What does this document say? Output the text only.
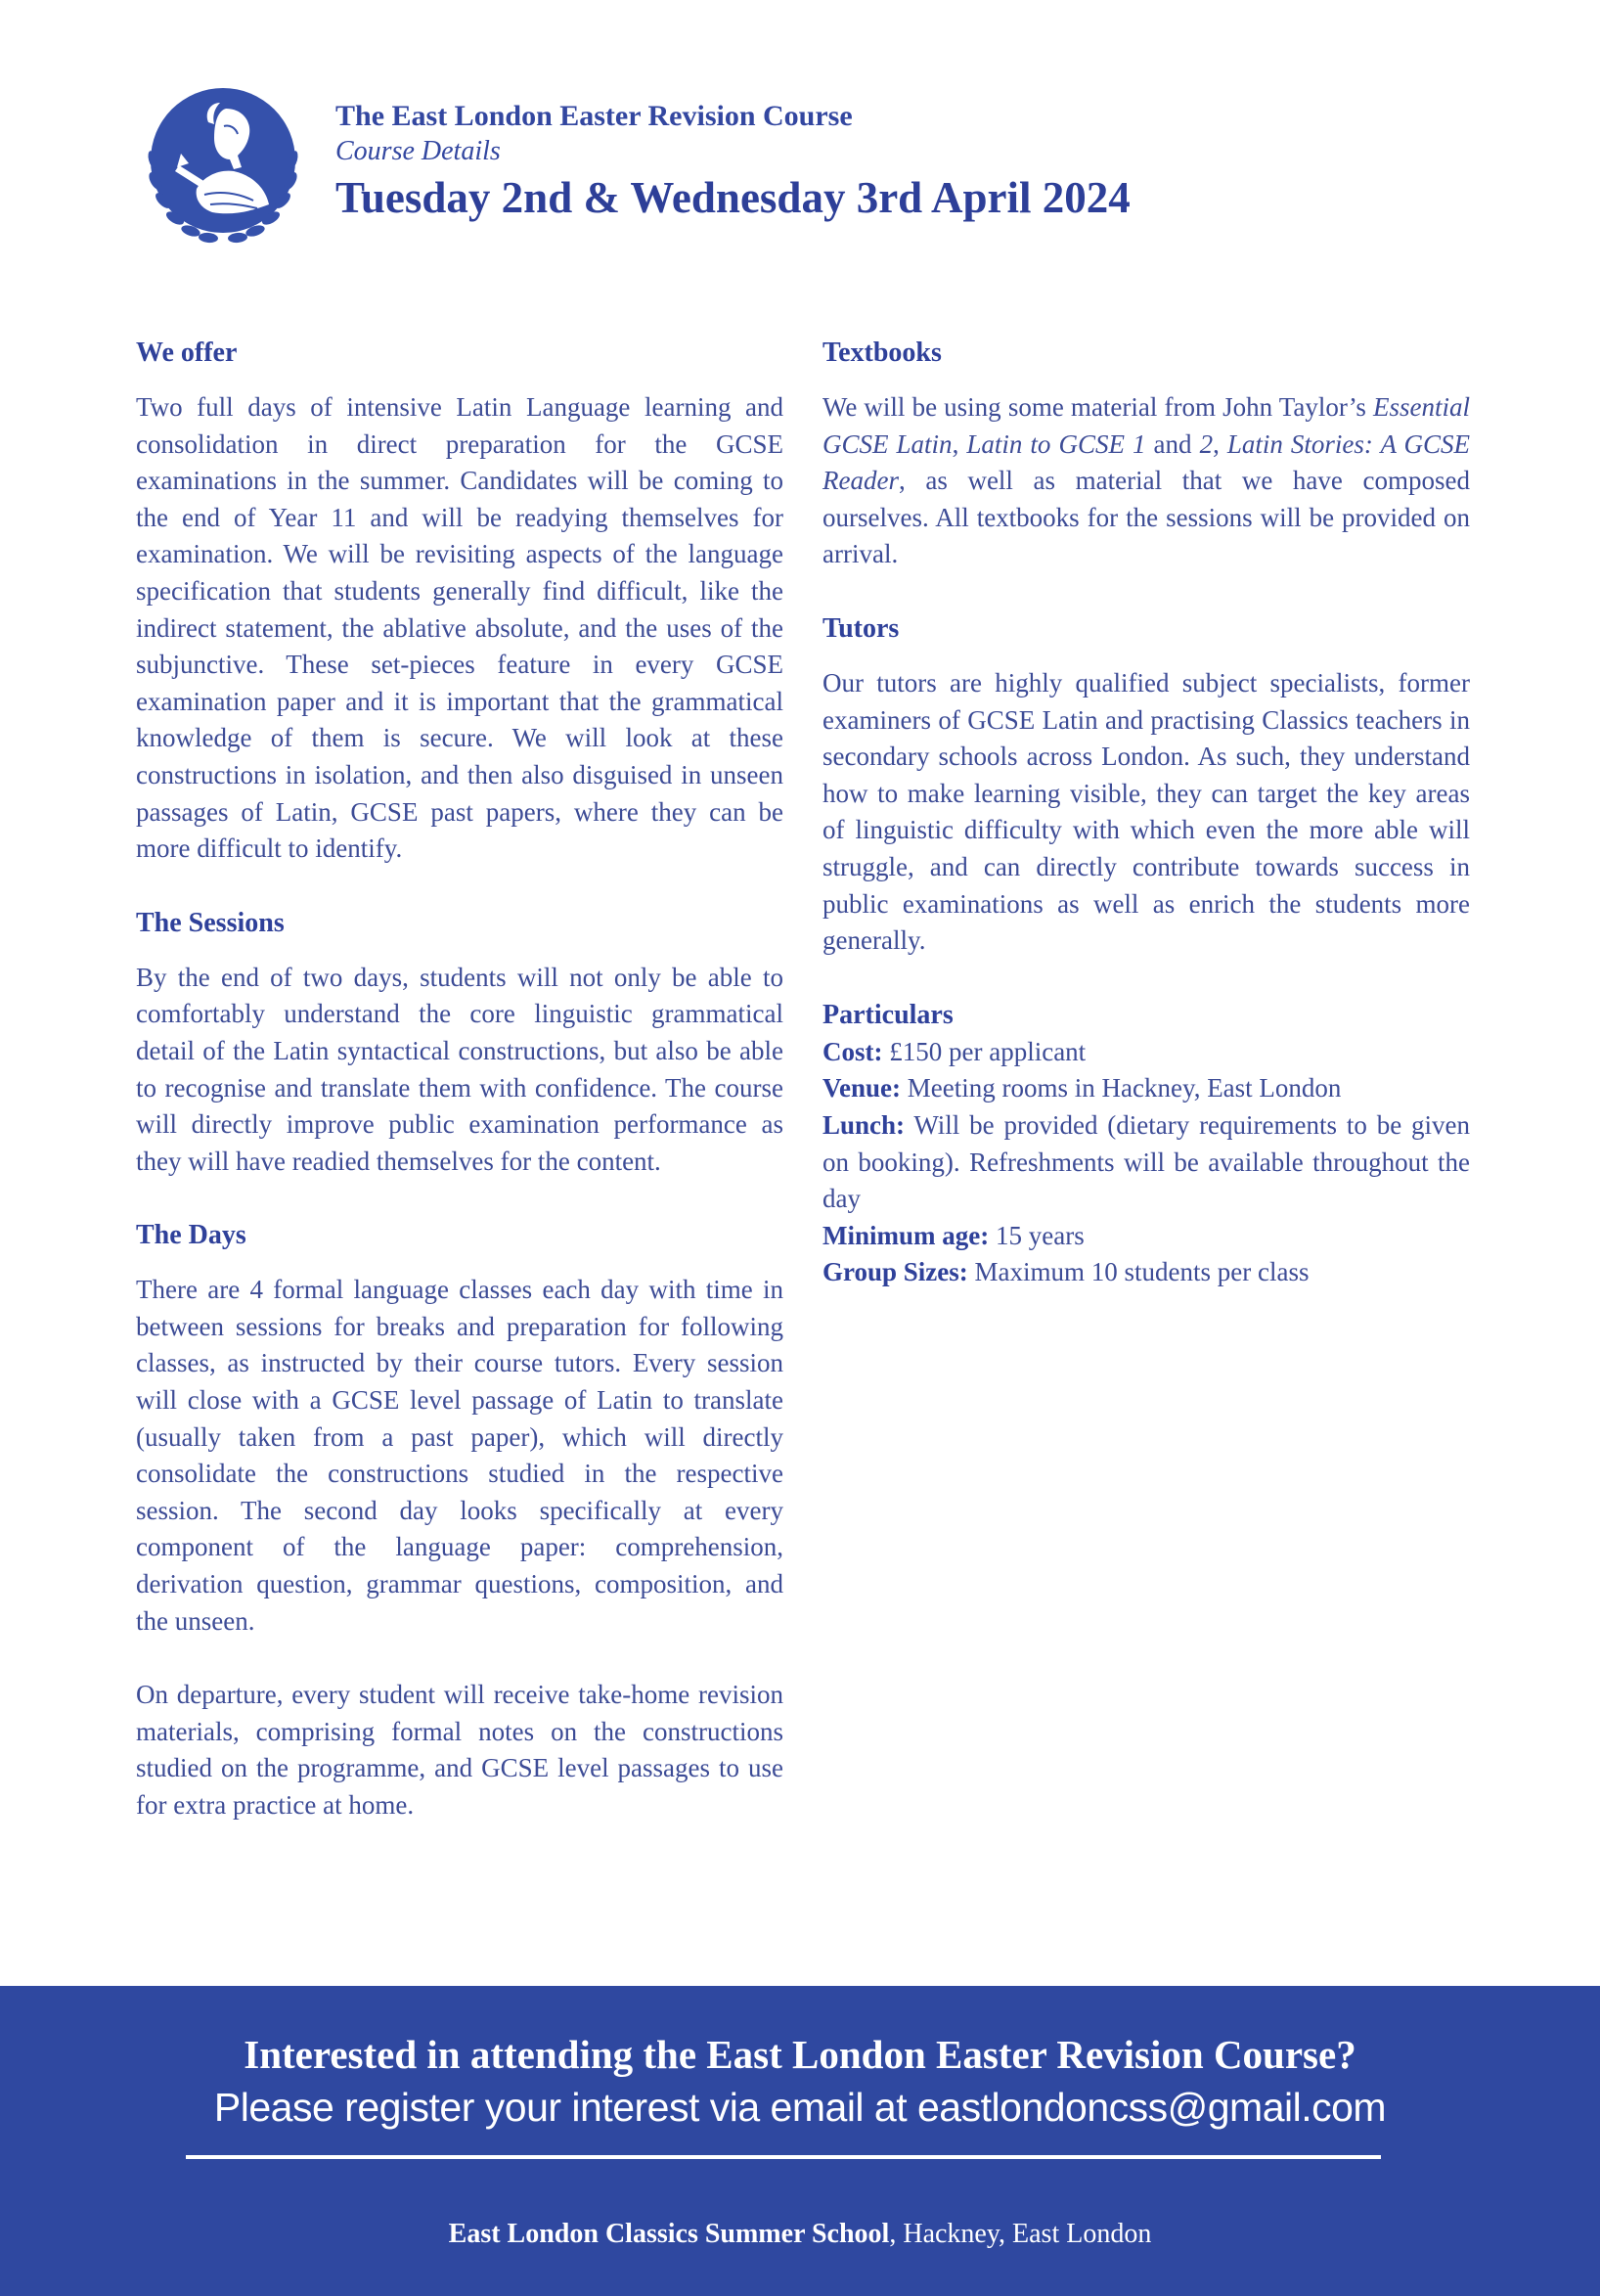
The East London Easter Revision Course
Course Details
Tuesday 2nd & Wednesday 3rd April 2024
We offer
Two full days of intensive Latin Language learning and consolidation in direct preparation for the GCSE examinations in the summer. Candidates will be coming to the end of Year 11 and will be readying themselves for examination. We will be revisiting aspects of the language specification that students generally find difficult, like the indirect statement, the ablative absolute, and the uses of the subjunctive. These set-pieces feature in every GCSE examination paper and it is important that the grammatical knowledge of them is secure. We will look at these constructions in isolation, and then also disguised in unseen passages of Latin, GCSE past papers, where they can be more difficult to identify.
The Sessions
By the end of two days, students will not only be able to comfortably understand the core linguistic grammatical detail of the Latin syntactical constructions, but also be able to recognise and translate them with confidence. The course will directly improve public examination performance as they will have readied themselves for the content.
The Days
There are 4 formal language classes each day with time in between sessions for breaks and preparation for following classes, as instructed by their course tutors. Every session will close with a GCSE level passage of Latin to translate (usually taken from a past paper), which will directly consolidate the constructions studied in the respective session. The second day looks specifically at every component of the language paper: comprehension, derivation question, grammar questions, composition, and the unseen.
On departure, every student will receive take-home revision materials, comprising formal notes on the constructions studied on the programme, and GCSE level passages to use for extra practice at home.
Textbooks
We will be using some material from John Taylor’s Essential GCSE Latin, Latin to GCSE 1 and 2, Latin Stories: A GCSE Reader, as well as material that we have composed ourselves. All textbooks for the sessions will be provided on arrival.
Tutors
Our tutors are highly qualified subject specialists, former examiners of GCSE Latin and practising Classics teachers in secondary schools across London. As such, they understand how to make learning visible, they can target the key areas of linguistic difficulty with which even the more able will struggle, and can directly contribute towards success in public examinations as well as enrich the students more generally.
Particulars
Cost: £150 per applicant
Venue: Meeting rooms in Hackney, East London
Lunch: Will be provided (dietary requirements to be given on booking). Refreshments will be available throughout the day
Minimum age: 15 years
Group Sizes: Maximum 10 students per class
Interested in attending the East London Easter Revision Course?
Please register your interest via email at eastlondoncss@gmail.com
East London Classics Summer School, Hackney, East London
